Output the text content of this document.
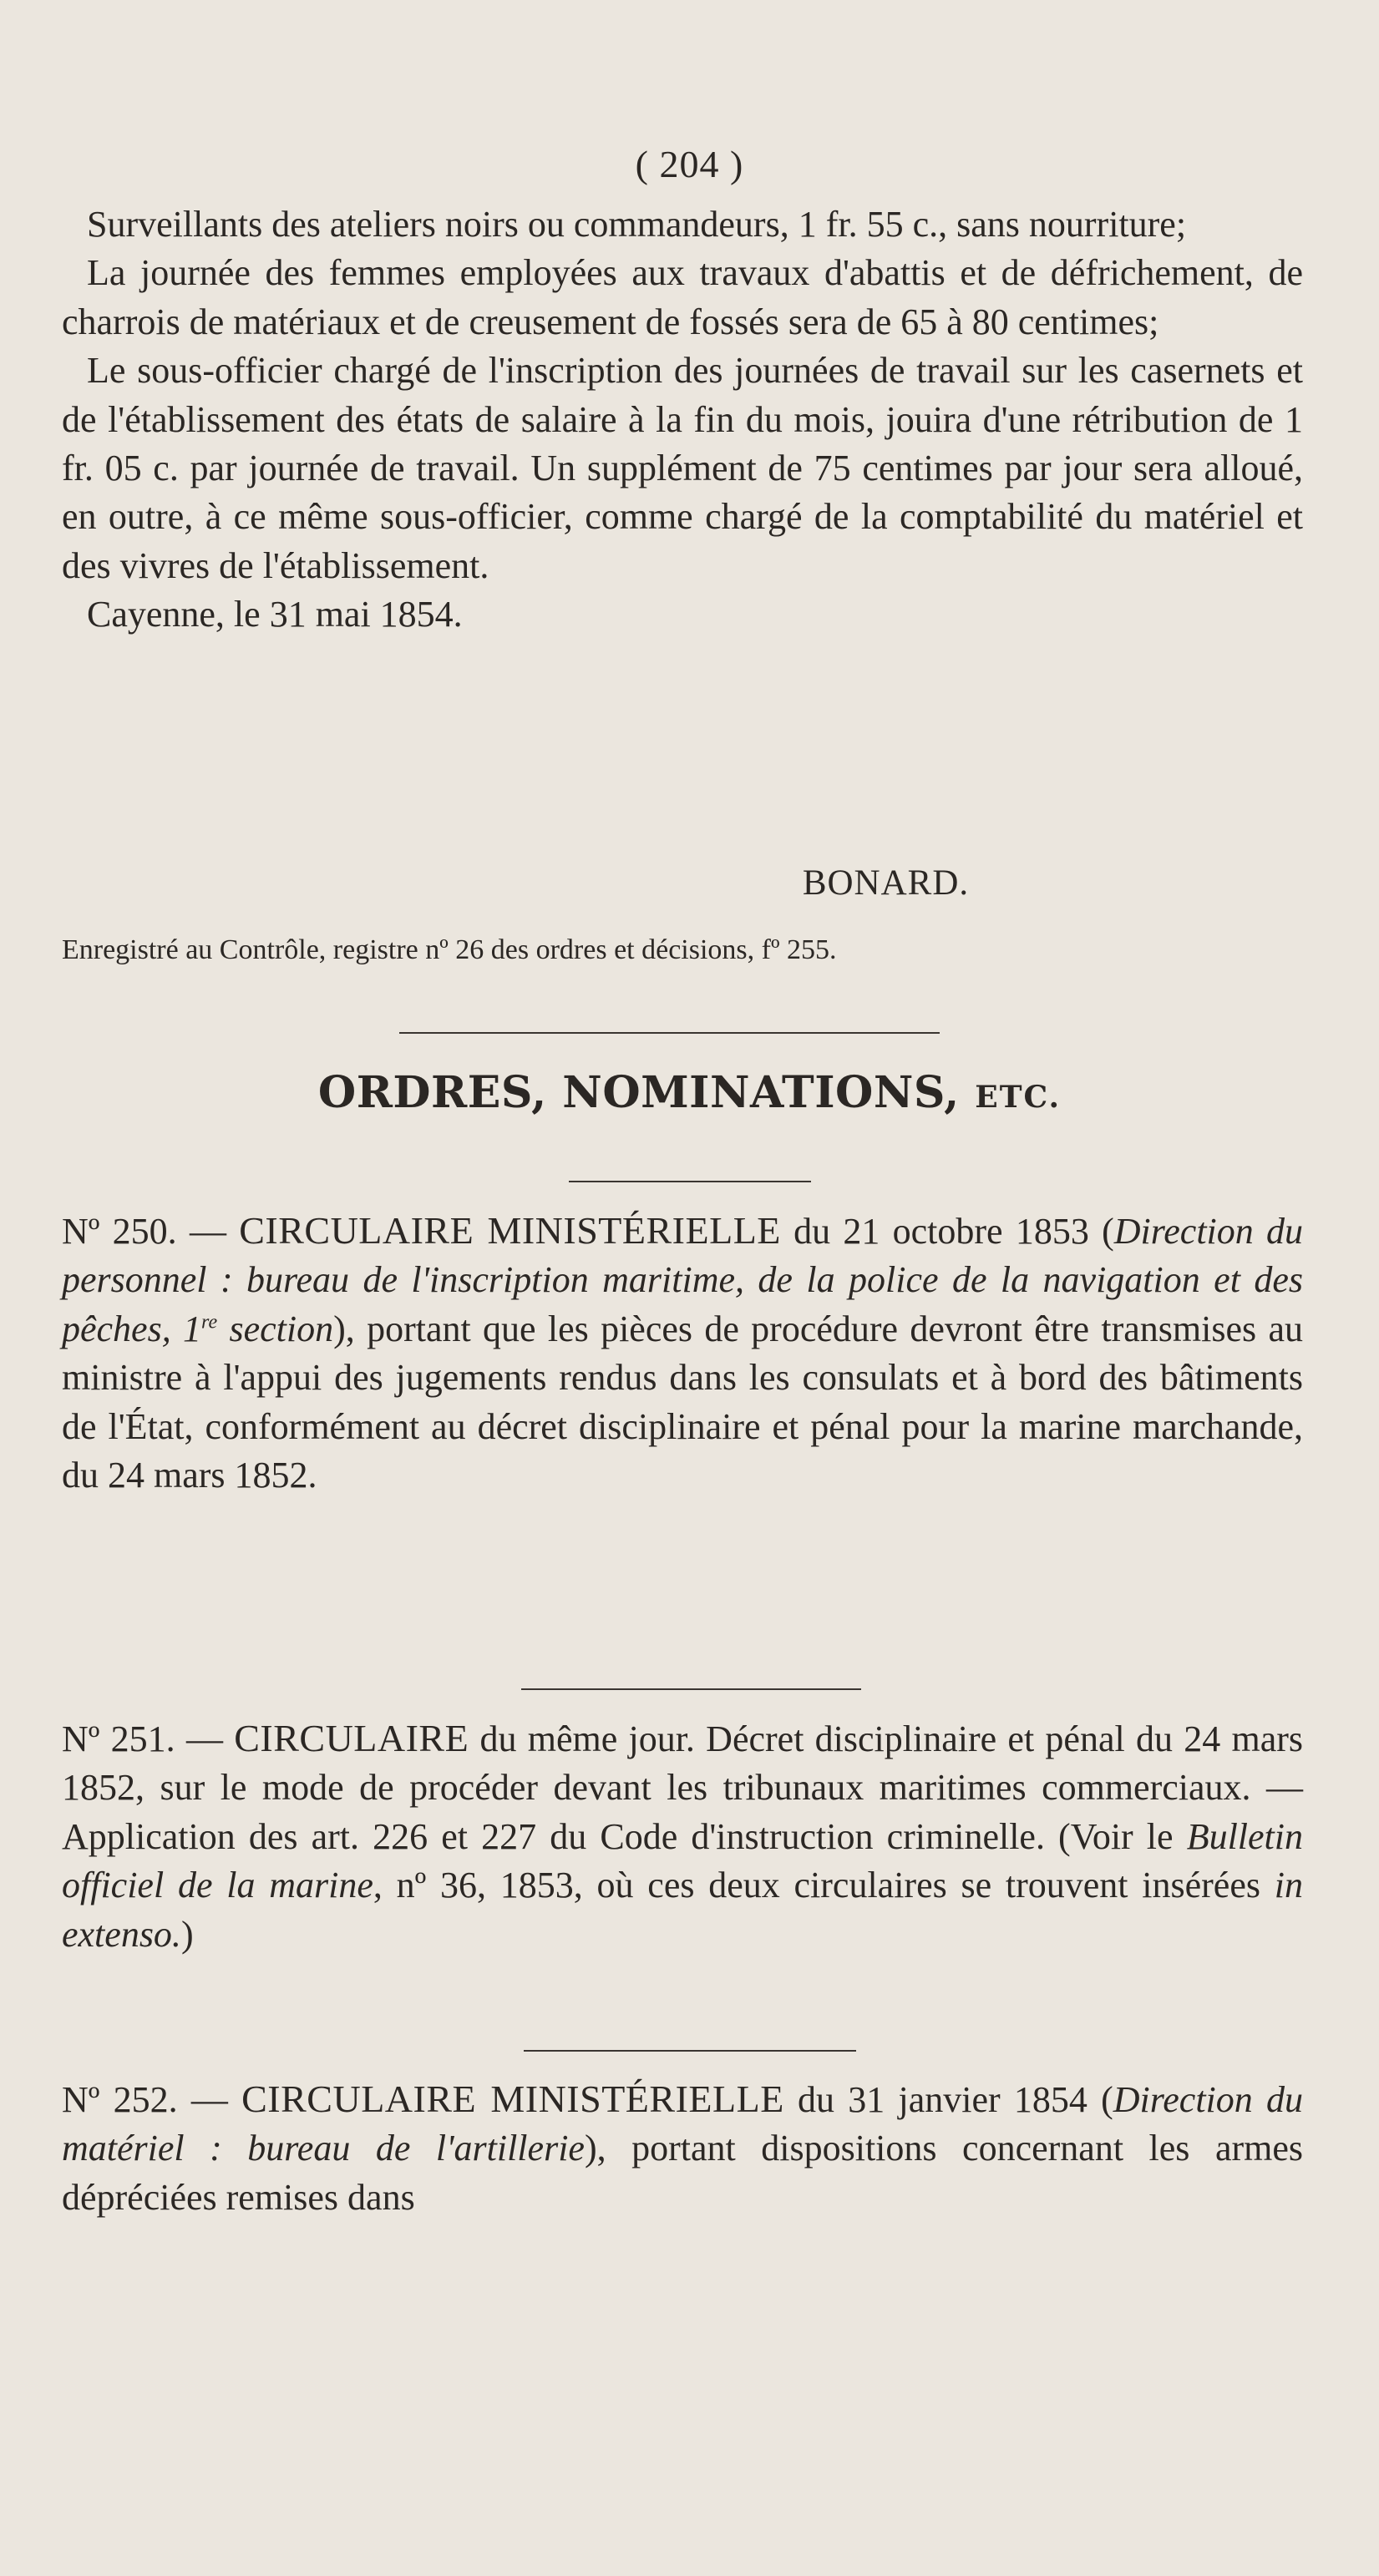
( 204 )

Surveillants des ateliers noirs ou commandeurs, 1 fr. 55 c., sans nourriture;

La journée des femmes employées aux travaux d'abattis et de défrichement, de charrois de matériaux et de creusement de fossés sera de 65 à 80 centimes;

Le sous-officier chargé de l'inscription des journées de travail sur les casernets et de l'établissement des états de salaire à la fin du mois, jouira d'une rétribution de 1 fr. 05 c. par journée de travail. Un supplément de 75 centimes par jour sera alloué, en outre, à ce même sous-officier, comme chargé de la comptabilité du matériel et des vivres de l'établissement.

Cayenne, le 31 mai 1854.

BONARD.
Enregistré au Contrôle, registre nº 26 des ordres et décisions, fº 255.
ORDRES, NOMINATIONS, ETC.

Nº 250. — CIRCULAIRE MINISTÉRIELLE du 21 octobre 1853 (Direction du personnel : bureau de l'inscription maritime, de la police de la navigation et des pêches, 1re section), portant que les pièces de procédure devront être transmises au ministre à l'appui des jugements rendus dans les consulats et à bord des bâtiments de l'État, conformément au décret disciplinaire et pénal pour la marine marchande, du 24 mars 1852.

Nº 251. — CIRCULAIRE du même jour. Décret disciplinaire et pénal du 24 mars 1852, sur le mode de procéder devant les tribunaux maritimes commerciaux. — Application des art. 226 et 227 du Code d'instruction criminelle. (Voir le Bulletin officiel de la marine, nº 36, 1853, où ces deux circulaires se trouvent insérées in extenso.)

Nº 252. — CIRCULAIRE MINISTÉRIELLE du 31 janvier 1854 (Direction du matériel : bureau de l'artillerie), portant dispositions concernant les armes dépréciées remises dans
